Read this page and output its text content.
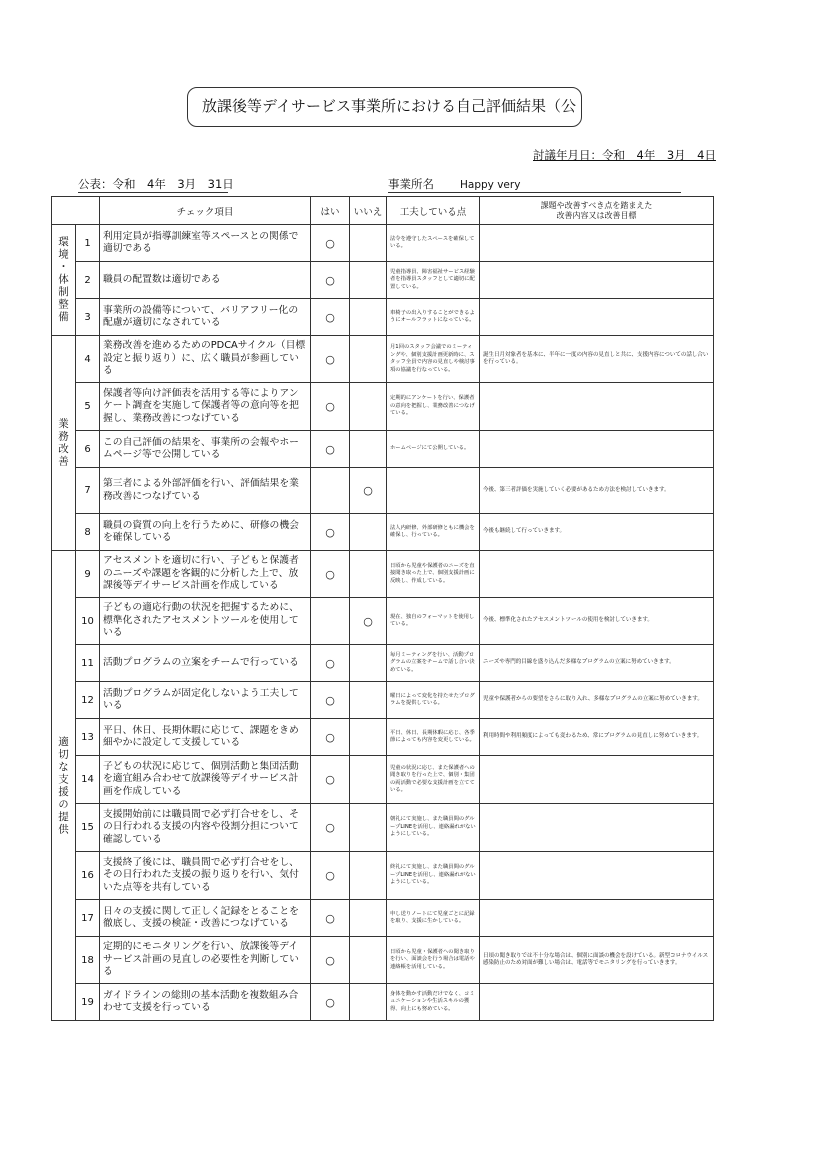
放課後等デイサービス事業所における自己評価結果（公
討議年月日：令和　4年　3月　4日
公表：令和　4年　3月　31日	事業所名 Happy very
		チェック項目	はい	いいえ	工夫している点	課題や改善すべき点を踏まえた
改善内容又は改善目標

環境・体制整備	1	利用定員が指導訓練室等スペースとの関係で適切である	○		法令を遵守したスペースを確保している。	
	2	職員の配置数は適切である	○		児童指導員、障害福祉サービス経験者を指導員スタッフとして適切に配置している。	
	3	事業所の設備等について、バリアフリー化の配慮が適切になされている	○		車椅子の出入りすることができるようにオールフラットになっている。	
業務改善	4	業務改善を進めるためのPDCAサイクル（目標設定と振り返り）に、広く職員が参画している	○		月1回のスタッフ会議でのミーティングや、個別支援計画更新時に、スタッフ全員で内容の見直しや検討事項の協議を行なっている。	誕生日月対象者を基本に、半年に一度の内容の見直しと共に、支援内容についての話し合いを行っている。
	5	保護者等向け評価表を活用する等によりアンケート調査を実施して保護者等の意向等を把握し、業務改善につなげている	○		定期的にアンケートを行い、保護者の意向を把握し、業務改善につなげている。	
	6	この自己評価の結果を、事業所の会報やホームページ等で公開している	○		ホームページにて公開している。	
	7	第三者による外部評価を行い、評価結果を業務改善につなげている		○		今後、第三者評価を実施していく必要があるため方法を検討していきます。
	8	職員の資質の向上を行うために、研修の機会を確保している	○		法人内研修、外部研修ともに機会を確保し、行っている。	今後も継続して行っていきます。
適切な支援の提供	9	アセスメントを適切に行い、子どもと保護者のニーズや課題を客観的に分析した上で、放課後等デイサービス計画を作成している	○		日頃から児童や保護者のニーズを直接聞き取った上で、個別支援計画に反映し、作成している。	
	10	子どもの適応行動の状況を把握するために、標準化されたアセスメントツールを使用している		○	現在、独自のフォーマットを使用している。	今後、標準化されたアセスメントツールの使用を検討していきます。
	11	活動プログラムの立案をチームで行っている	○		毎月ミーティングを行い、活動プログラムの立案をチームで話し合い決めている。	ニーズや専門的目線を盛り込んだ多様なプログラムの立案に努めていきます。
	12	活動プログラムが固定化しないよう工夫している	○		曜日によって変化を持たせたプログラムを提供している。	児童や保護者からの要望をさらに取り入れ、多様なプログラムの立案に努めていきます。
	13	平日、休日、長期休暇に応じて、課題をきめ細やかに設定して支援している	○		平日、休日、長期休暇に応じ、各季節によっても内容を変更している。	利用時間や利用頻度によっても変わるため、常にプログラムの見直しに努めていきます。
	14	子どもの状況に応じて、個別活動と集団活動を適宜組み合わせて放課後等デイサービス計画を作成している	○		児童の状況に応じ、また保護者への聞き取りを行った上で、個別・集団の両活動で必要な支援計画を立てている。	
	15	支援開始前には職員間で必ず打合せをし、その日行われる支援の内容や役割分担について確認している	○		朝礼にて実施し、また職員間のグループLINEを活用し、連絡漏れがないようにしている。	
	16	支援終了後には、職員間で必ず打合せをし、その日行われた支援の振り返りを行い、気付いた点等を共有している	○		終礼にて実施し、また職員間のグループLINEを活用し、連絡漏れがないようにしている。	
	17	日々の支援に関して正しく記録をとることを徹底し、支援の検証・改善につなげている	○		申し送りノートにて児童ごとに記録を取り、支援に生かしている。	
	18	定期的にモニタリングを行い、放課後等デイサービス計画の見直しの必要性を判断している	○		日頃から児童・保護者への聞き取りを行い、面談会を行う場合は電話や連絡帳を活用している。	日頃の聞き取りでは不十分な場合は、個別に面談の機会を設けている。新型コロナウイルス感染防止のため対面が難しい場合は、電話等でモニタリングを行っていきます。
	19	ガイドラインの総則の基本活動を複数組み合わせて支援を行っている	○		身体を動かす活動だけでなく、コミュニケーションや生活スキルの獲得、向上にも努めている。	
